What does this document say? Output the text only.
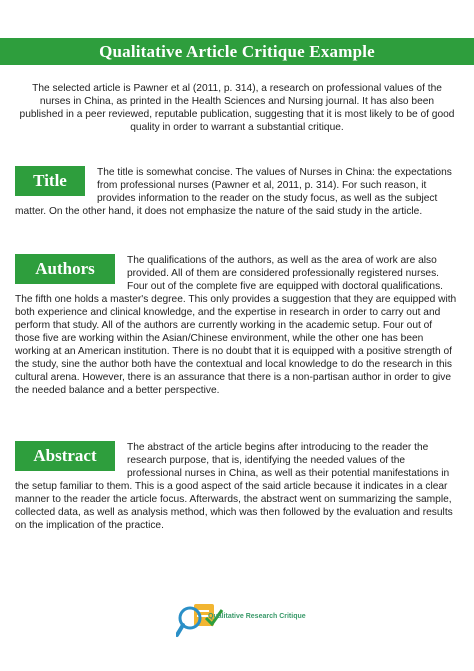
Qualitative Article Critique Example

The selected article is Pawner et al (2011, p. 314), a research on professional values of the nurses in China, as printed in the Health Sciences and Nursing journal. It has also been published in a peer reviewed, reputable publication, suggesting that it is most likely to be of good quality in order to warrant a substantial critique.

Title	The title is somewhat concise. The values of Nurses in China: the expectations from professional nurses (Pawner et al, 2011, p. 314). For such reason, it provides information to the reader on the study focus, as well as the subject matter. On the other hand, it does not emphasize the nature of the said study in the article.

Authors	The qualifications of the authors, as well as the area of work are also provided. All of them are considered professionally registered nurses. Four out of the complete five are equipped with doctoral qualifications. The fifth one holds a master's degree. This only provides a suggestion that they are equipped with both experience and clinical knowledge, and the expertise in research in order to carry out and perform that study. All of the authors are currently working in the academic setup. Four out of those five are working within the Asian/Chinese environment, while the other one has been working at an American institution. There is no doubt that it is equipped with a positive strength of the study, sine the author both have the contextual and local knowledge to do the research in this cultural arena. However, there is an assurance that there is a non-partisan author in order to give the needed balance and a better perspective.

Abstract	The abstract of the article begins after introducing to the reader the research purpose, that is, identifying the needed values of the professional nurses in China, as well as their potential manifestations in the setup familiar to them. This is a good aspect of the said article because it indicates in a clear manner to the reader the article focus. Afterwards, the abstract went on summarizing the sample, collected data, as well as analysis method, which was then followed by the evaluation and results on the implication of the practice.

Qualitative Research Critique
